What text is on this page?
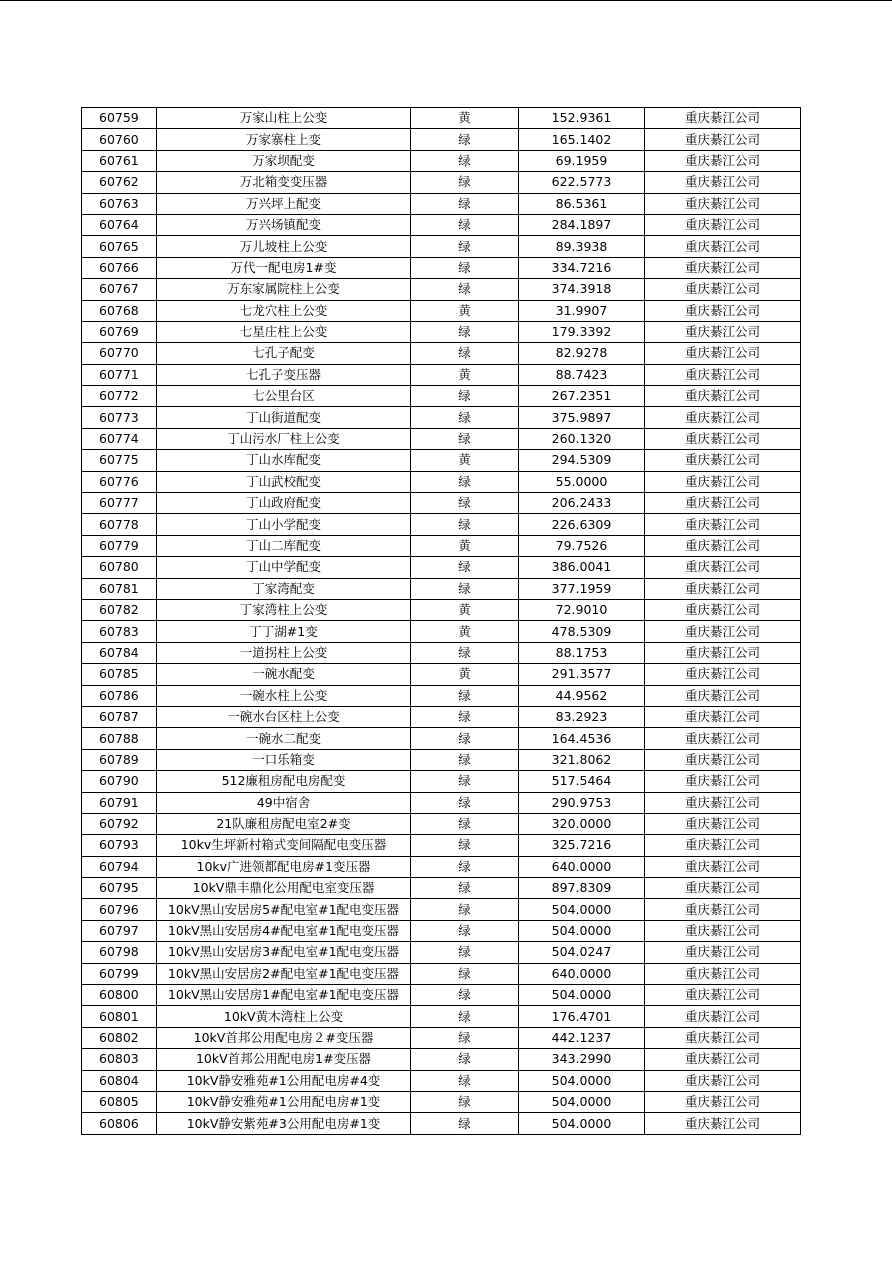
60759	万家山柱上公变	黄	152.9361	重庆綦江公司
60760	万家寨柱上变	绿	165.1402	重庆綦江公司
60761	万家坝配变	绿	69.1959	重庆綦江公司
60762	万北箱变变压器	绿	622.5773	重庆綦江公司
60763	万兴坪上配变	绿	86.5361	重庆綦江公司
60764	万兴场镇配变	绿	284.1897	重庆綦江公司
60765	万儿坡柱上公变	绿	89.3938	重庆綦江公司
60766	万代一配电房1#变	绿	334.7216	重庆綦江公司
60767	万东家属院柱上公变	绿	374.3918	重庆綦江公司
60768	七龙穴柱上公变	黄	31.9907	重庆綦江公司
60769	七星庄柱上公变	绿	179.3392	重庆綦江公司
60770	七孔子配变	绿	82.9278	重庆綦江公司
60771	七孔子变压器	黄	88.7423	重庆綦江公司
60772	七公里台区	绿	267.2351	重庆綦江公司
60773	丁山街道配变	绿	375.9897	重庆綦江公司
60774	丁山污水厂柱上公变	绿	260.1320	重庆綦江公司
60775	丁山水库配变	黄	294.5309	重庆綦江公司
60776	丁山武校配变	绿	55.0000	重庆綦江公司
60777	丁山政府配变	绿	206.2433	重庆綦江公司
60778	丁山小学配变	绿	226.6309	重庆綦江公司
60779	丁山二库配变	黄	79.7526	重庆綦江公司
60780	丁山中学配变	绿	386.0041	重庆綦江公司
60781	丁家湾配变	绿	377.1959	重庆綦江公司
60782	丁家湾柱上公变	黄	72.9010	重庆綦江公司
60783	丁丁湖#1变	黄	478.5309	重庆綦江公司
60784	一道拐柱上公变	绿	88.1753	重庆綦江公司
60785	一碗水配变	黄	291.3577	重庆綦江公司
60786	一碗水柱上公变	绿	44.9562	重庆綦江公司
60787	一碗水台区柱上公变	绿	83.2923	重庆綦江公司
60788	一碗水二配变	绿	164.4536	重庆綦江公司
60789	一口乐箱变	绿	321.8062	重庆綦江公司
60790	512廉租房配电房配变	绿	517.5464	重庆綦江公司
60791	49中宿舍	绿	290.9753	重庆綦江公司
60792	21队廉租房配电室2#变	绿	320.0000	重庆綦江公司
60793	10kv生坪新村箱式变间隔配电变压器	绿	325.7216	重庆綦江公司
60794	10kv广进领都配电房#1变压器	绿	640.0000	重庆綦江公司
60795	10kV鼎丰鼎化公用配电室变压器	绿	897.8309	重庆綦江公司
60796	10kV黑山安居房5#配电室#1配电变压器	绿	504.0000	重庆綦江公司
60797	10kV黑山安居房4#配电室#1配电变压器	绿	504.0000	重庆綦江公司
60798	10kV黑山安居房3#配电室#1配电变压器	绿	504.0247	重庆綦江公司
60799	10kV黑山安居房2#配电室#1配电变压器	绿	640.0000	重庆綦江公司
60800	10kV黑山安居房1#配电室#1配电变压器	绿	504.0000	重庆綦江公司
60801	10kV黄木湾柱上公变	绿	176.4701	重庆綦江公司
60802	10kV首邦公用配电房２#变压器	绿	442.1237	重庆綦江公司
60803	10kV首邦公用配电房1#变压器	绿	343.2990	重庆綦江公司
60804	10kV静安雅苑#1公用配电房#4变	绿	504.0000	重庆綦江公司
60805	10kV静安雅苑#1公用配电房#1变	绿	504.0000	重庆綦江公司
60806	10kV静安紫苑#3公用配电房#1变	绿	504.0000	重庆綦江公司
